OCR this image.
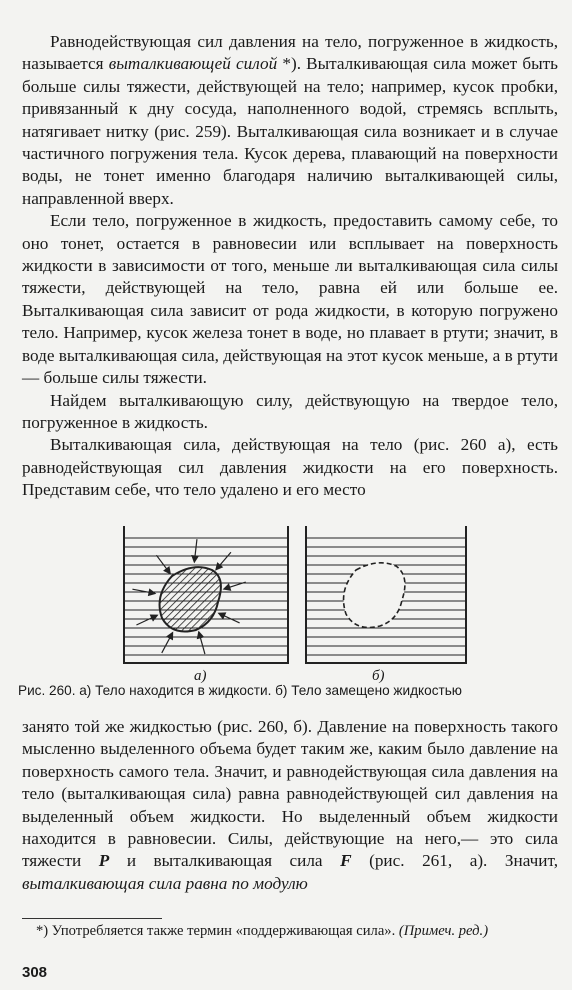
Равнодействующая сил давления на тело, погруженное в жидкость, называется выталкивающей силой *). Выталкивающая сила может быть больше силы тяжести, действующей на тело; например, кусок пробки, привязанный к дну сосуда, наполненного водой, стремясь всплыть, натягивает нитку (рис. 259). Выталкивающая сила возникает и в случае частичного погружения тела. Кусок дерева, плавающий на поверхности воды, не тонет именно благодаря наличию выталкивающей силы, направленной вверх.

Если тело, погруженное в жидкость, предоставить самому себе, то оно тонет, остается в равновесии или всплывает на поверхность жидкости в зависимости от того, меньше ли выталкивающая сила силы тяжести, действующей на тело, равна ей или больше ее. Выталкивающая сила зависит от рода жидкости, в которую погружено тело. Например, кусок железа тонет в воде, но плавает в ртути; значит, в воде выталкивающая сила, действующая на этот кусок меньше, а в ртути — больше силы тяжести.

Найдем выталкивающую силу, действующую на твердое тело, погруженное в жидкость.

Выталкивающая сила, действующая на тело (рис. 260 а), есть равнодействующая сил давления жидкости на его поверхность. Представим себе, что тело удалено и его место

а)	б)
Рис. 260. а) Тело находится в жидкости. б) Тело замещено жидкостью

занято той же жидкостью (рис. 260, б). Давление на поверхность такого мысленно выделенного объема будет таким же, каким было давление на поверхность самого тела. Значит, и равнодействующая сила давления на тело (выталкивающая сила) равна равнодействующей сил давления на выделенный объем жидкости. Но выделенный объем жидкости находится в равновесии. Силы, действующие на него,— это сила тяжести P и выталкивающая сила F (рис. 261, а). Значит, выталкивающая сила равна по модулю

*) Употребляется также термин «поддерживающая сила». (Примеч. ред.)
308
